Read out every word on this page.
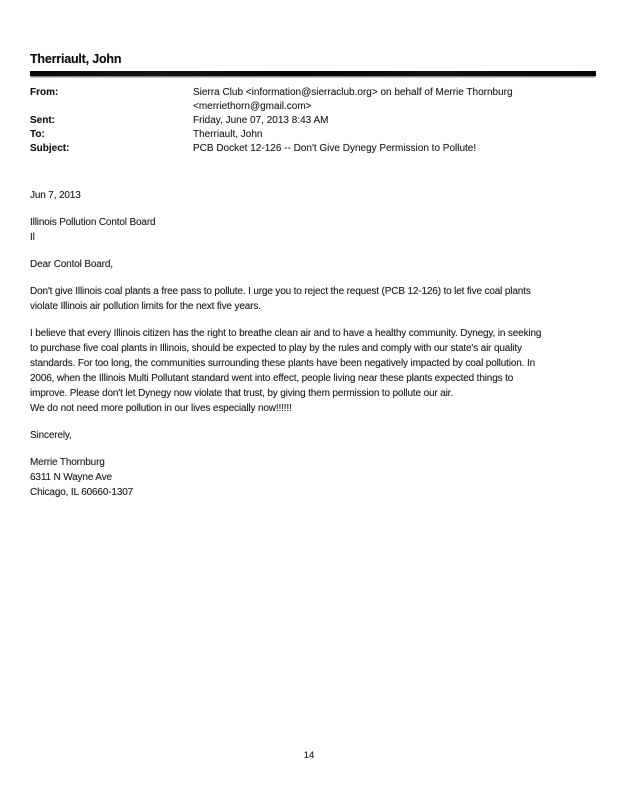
Therriault, John
From:	Sierra Club <information@sierraclub.org> on behalf of Merrie Thornburg
<merriethorn@gmail.com>
Sent:	Friday, June 07, 2013 8:43 AM
To:	Therriault, John
Subject:	PCB Docket 12-126 -- Don't Give Dynegy Permission to Pollute!
Jun 7, 2013
Illinois Pollution Contol Board
Il
Dear Contol Board,
Don't give Illinois coal plants a free pass to pollute. I urge you to reject the request (PCB 12-126) to let five coal plants
violate Illinois air pollution limits for the next five years.
I believe that every Illinois citizen has the right to breathe clean air and to have a healthy community. Dynegy, in seeking
to purchase five coal plants in Illinois, should be expected to play by the rules and comply with our state's air quality
standards. For too long, the communities surrounding these plants have been negatively impacted by coal pollution. In
2006, when the Illinois Multi Pollutant standard went into effect, people living near these plants expected things to
improve. Please don't let Dynegy now violate that trust, by giving them permission to pollute our air.
We do not need more pollution in our lives especially now!!!!!!
Sincerely,
Merrie Thornburg
6311 N Wayne Ave
Chicago, IL 60660-1307
14
